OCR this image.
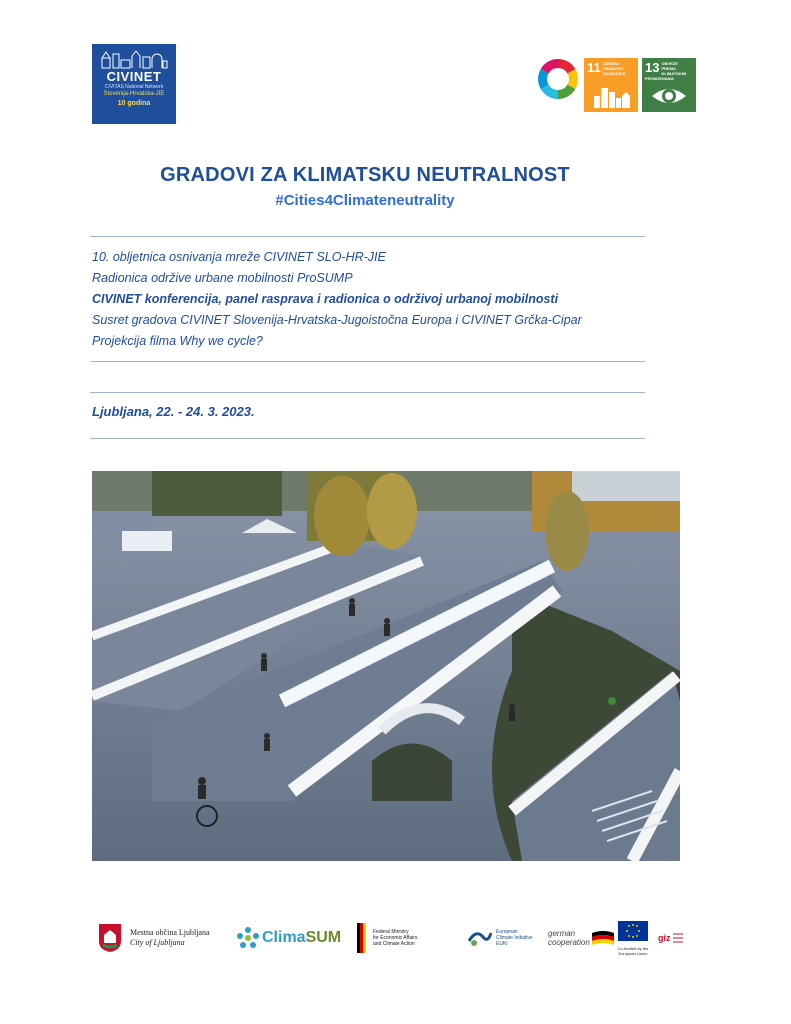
CIVINET
CIVITAS National Network
Slovenija-Hrvatska-JIE
10 godina
11 ODRŽIVI GRADOVI I ZAJEDNICE	13 OBVEZE PREMA KLIMATSKIM PROMJENAMA
GRADOVI ZA KLIMATSKU NEUTRALNOST
#Cities4Climateneutrality
10. obljetnica osnivanja mreže CIVINET SLO-HR-JIE
Radionica održive urbane mobilnosti ProSUMP
CIVINET konferencija, panel rasprava i radionica o održivoj urbanoj mobilnosti
Susret gradova CIVINET Slovenija-Hrvatska-Jugoistočna Europa i CIVINET Grčka-Cipar
Projekcija filma Why we cycle?
Ljubljana, 22. - 24. 3. 2023.
Mestna občina Ljubljana
City of Ljubljana	ClimaSUM	Federal Ministry
for Economic Affairs
and Climate Action
European
Climate Initiative
EUKI
german
cooperation
Co-funded by the European Union
giz
